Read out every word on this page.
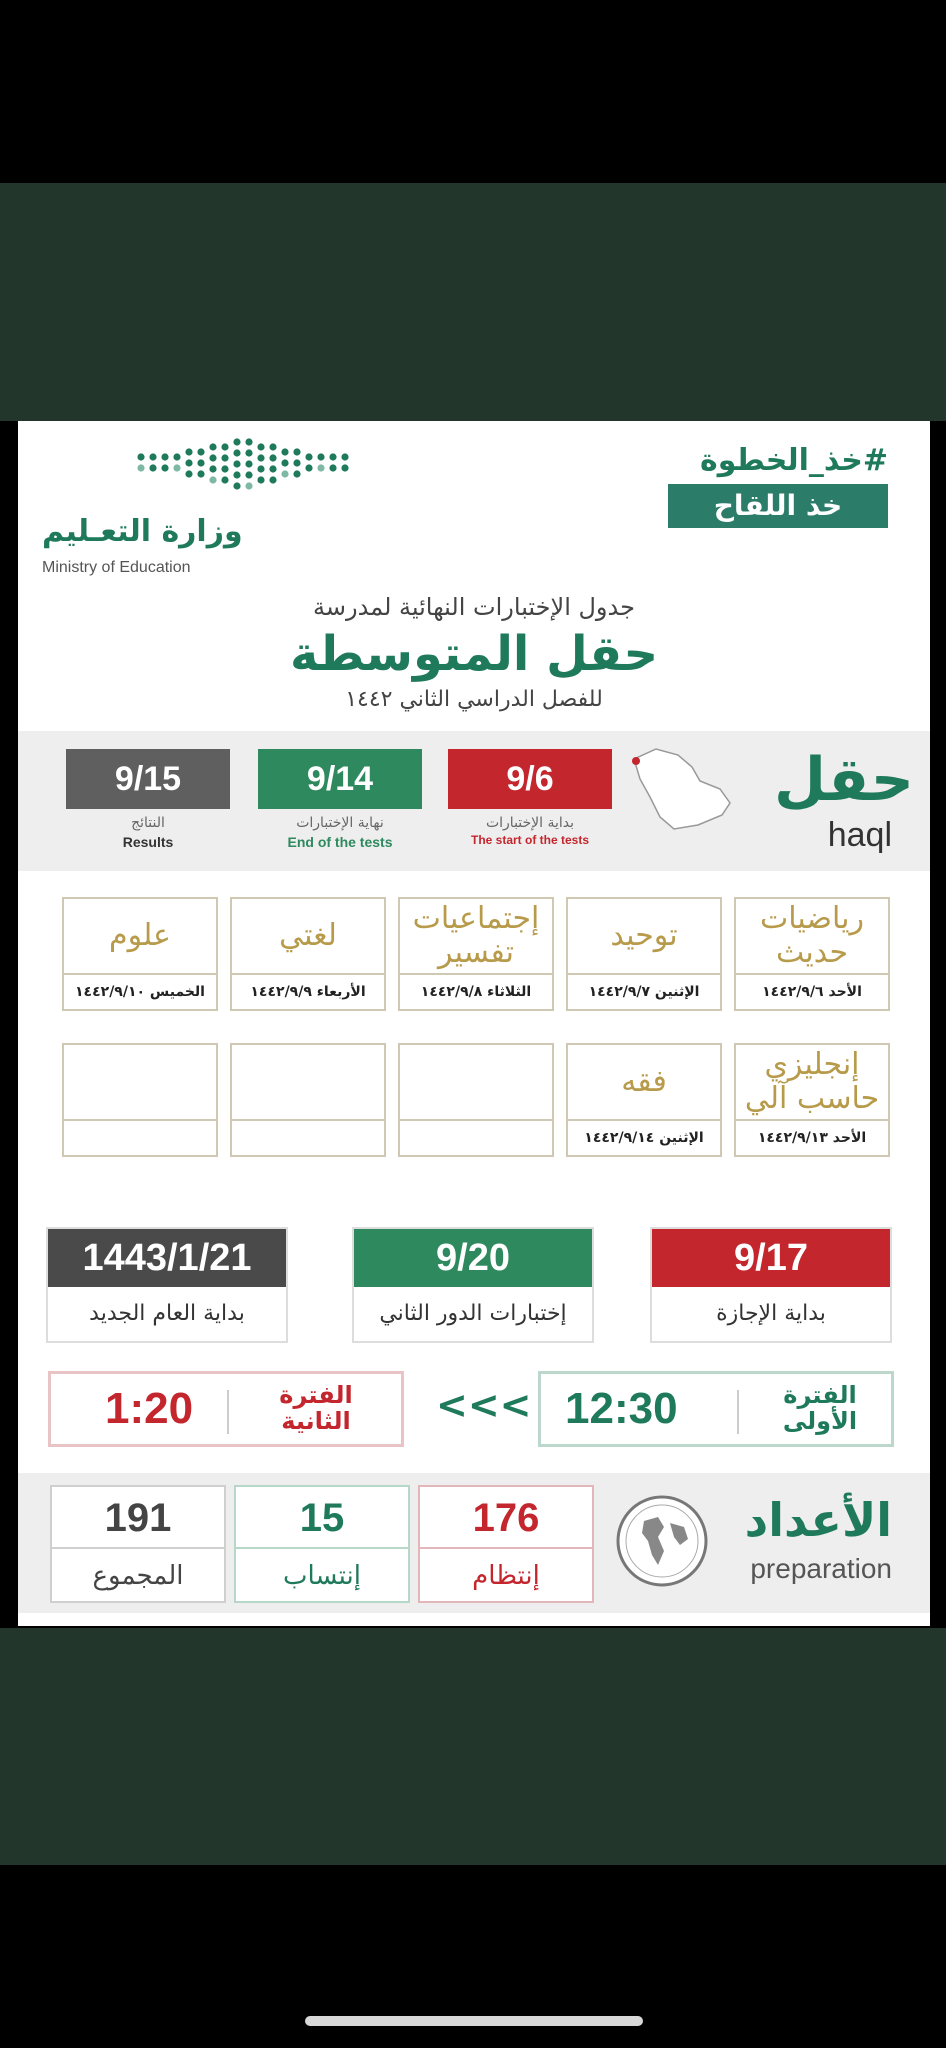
وزارة التعـليم
Ministry of Education
#خذ_الخطوة
خذ اللقاح
جدول الإختبارات النهائية لمدرسة
حقل المتوسطة
للفصل الدراسي الثاني ١٤٤٢
9/15
النتائج
Results
9/14
نهاية الإختبارات
End of the tests
9/6
بداية الإختبارات
The start of the tests
حقل
haql
رياضيات حديث
الأحد ١٤٤٢/٩/٦
توحيد
الإثنين ١٤٤٢/٩/٧
إجتماعيات تفسير
الثلاثاء ١٤٤٢/٩/٨
لغتي
الأربعاء ١٤٤٢/٩/٩
علوم
الخميس ١٤٤٢/٩/١٠
إنجليزي حاسب آلي
الأحد ١٤٤٢/٩/١٣
فقه
الإثنين ١٤٤٢/٩/١٤
9/17
بداية الإجازة
9/20
إختبارات الدور الثاني
1443/1/21
بداية العام الجديد
الفترة الأولى
12:30
<<<
الفترة الثانية
1:20
الأعداد
preparation
176
إنتظام
15
إنتساب
191
المجموع
